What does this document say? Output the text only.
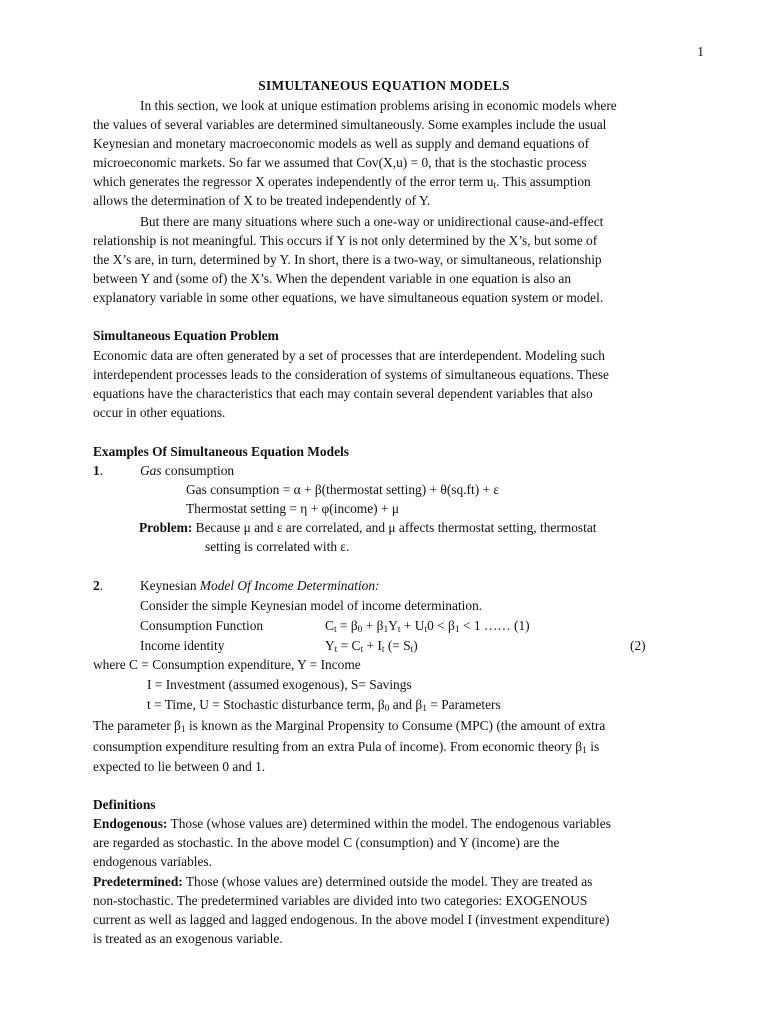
1
SIMULTANEOUS EQUATION MODELS
In this section, we look at unique estimation problems arising in economic models where
the values of several variables are determined simultaneously. Some examples include the usual
Keynesian and monetary macroeconomic models as well as supply and demand equations of
microeconomic markets. So far we assumed that Cov(X,u) = 0, that is the stochastic process
which generates the regressor X operates independently of the error term $u_t$. This assumption
allows the determination of X to be treated independently of Y.
But there are many situations where such a one-way or unidirectional cause-and-effect
relationship is not meaningful. This occurs if Y is not only determined by the X’s, but some of
the X’s are, in turn, determined by Y. In short, there is a two-way, or simultaneous, relationship
between Y and (some of) the X’s. When the dependent variable in one equation is also an
explanatory variable in some other equations, we have simultaneous equation system or model.
Simultaneous Equation Problem
Economic data are often generated by a set of processes that are interdependent. Modeling such
interdependent processes leads to the consideration of systems of simultaneous equations. These
equations have the characteristics that each may contain several dependent variables that also
occur in other equations.
Examples Of Simultaneous Equation Models
1.	Gas consumption
Gas consumption = α + β(thermostat setting) + θ(sq.ft) + ε
Thermostat setting = η + φ(income) + μ
Problem: Because μ and ε are correlated, and μ affects thermostat setting, thermostat
setting is correlated with ε.
2.	Keynesian Model Of Income Determination:
Consider the simple Keynesian model of income determination.
Consumption Function	$C_t = \beta_0 + \beta_1Y_t + U_t0 < \beta_1 < 1$ …… (1)
Income identity	$Y_t = C_t + I_t$ (= $S_t$)	(2)
where C = Consumption expenditure, Y = Income
I = Investment (assumed exogenous), S= Savings
t = Time, U = Stochastic disturbance term, $\beta_0$ and $\beta_1$ = Parameters
The parameter $\beta_1$ is known as the Marginal Propensity to Consume (MPC) (the amount of extra
consumption expenditure resulting from an extra Pula of income). From economic theory $\beta_1$ is
expected to lie between 0 and 1.
Definitions
Endogenous: Those (whose values are) determined within the model. The endogenous variables
are regarded as stochastic. In the above model C (consumption) and Y (income) are the
endogenous variables.
Predetermined: Those (whose values are) determined outside the model. They are treated as
non-stochastic. The predetermined variables are divided into two categories: EXOGENOUS
current as well as lagged and lagged endogenous. In the above model I (investment expenditure)
is treated as an exogenous variable.
